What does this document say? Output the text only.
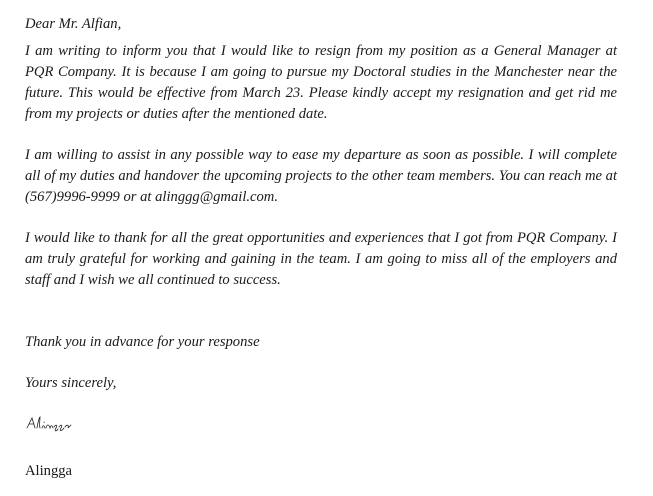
Dear Mr. Alfian,
I am writing to inform you that I would like to resign from my position as a General Manager at PQR Company. It is because I am going to pursue my Doctoral studies in the Manchester near the future. This would be effective from March 23. Please kindly accept my resignation and get rid me from my projects or duties after the mentioned date.
I am willing to assist in any possible way to ease my departure as soon as possible. I will complete all of my duties and handover the upcoming projects to the other team members. You can reach me at (567)9996-9999 or at alinggg@gmail.com.
I would like to thank for all the great opportunities and experiences that I got from PQR Company. I am truly grateful for working and gaining in the team. I am going to miss all of the employers and staff and I wish we all continued to success.
Thank you in advance for your response
Yours sincerely,
Alingga
